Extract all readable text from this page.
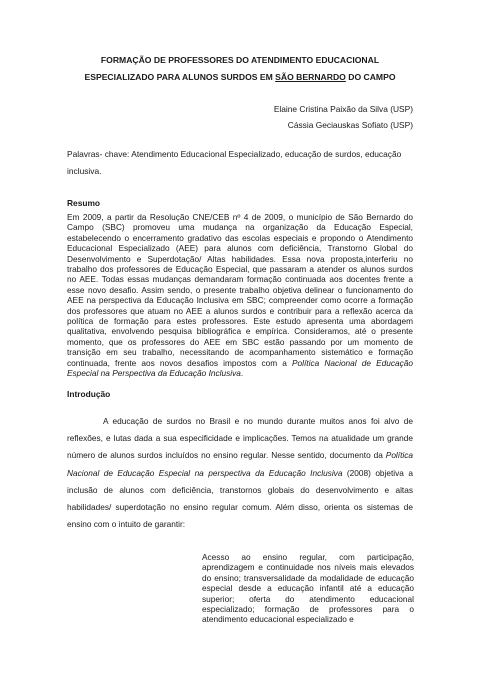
FORMAÇÃO DE PROFESSORES DO ATENDIMENTO EDUCACIONAL
ESPECIALIZADO PARA ALUNOS SURDOS EM SÃO BERNARDO DO CAMPO
Elaine Cristina Paixão da Silva (USP)
Cássia Geciauskas Sofiato (USP)
Palavras- chave: Atendimento Educacional Especializado, educação de surdos, educação inclusiva.
Resumo
Em 2009, a partir da Resolução CNE/CEB nº 4 de 2009, o município de São Bernardo do Campo (SBC) promoveu uma mudança na organização da Educação Especial, estabelecendo o encerramento gradativo das escolas especiais e propondo o Atendimento Educacional Especializado (AEE) para alunos com deficiência, Transtorno Global do Desenvolvimento e Superdotação/ Altas habilidades. Essa nova proposta,interferiu no trabalho dos professores de Educação Especial, que passaram a atender os alunos surdos no AEE. Todas essas mudanças demandaram formação continuada aos docentes frente a esse novo desafio. Assim sendo, o presente trabalho objetiva delinear o funcionamento do AEE na perspectiva da Educação Inclusiva em SBC; compreender como ocorre a formação dos professores que atuam no AEE a alunos surdos e contribuir para a reflexão acerca da política de formação para estes professores. Este estudo apresenta uma abordagem qualitativa, envolvendo pesquisa bibliográfica e empírica. Consideramos, até o presente momento, que os professores do AEE em SBC estão passando por um momento de transição em seu trabalho, necessitando de acompanhamento sistemático e formação continuada, frente aos novos desafios impostos com a Política Nacional de Educação Especial na Perspectiva da Educação Inclusiva.
Introdução

A educação de surdos no Brasil e no mundo durante muitos anos foi alvo de reflexões, e lutas dada a sua especificidade e implicações. Temos na atualidade um grande número de alunos surdos incluídos no ensino regular. Nesse sentido, documento da Política Nacional de Educação Especial na perspectiva da Educação Inclusiva (2008) objetiva a inclusão de alunos com deficiência, transtornos globais do desenvolvimento e altas habilidades/ superdotação no ensino regular comum. Além disso, orienta os sistemas de ensino com o intuito de garantir:

Acesso ao ensino regular, com participação, aprendizagem e continuidade nos níveis mais elevados do ensino; transversalidade da modalidade de educação especial desde a educação infantil até a educação superior; oferta do atendimento educacional especializado; formação de professores para o atendimento educacional especializado e
